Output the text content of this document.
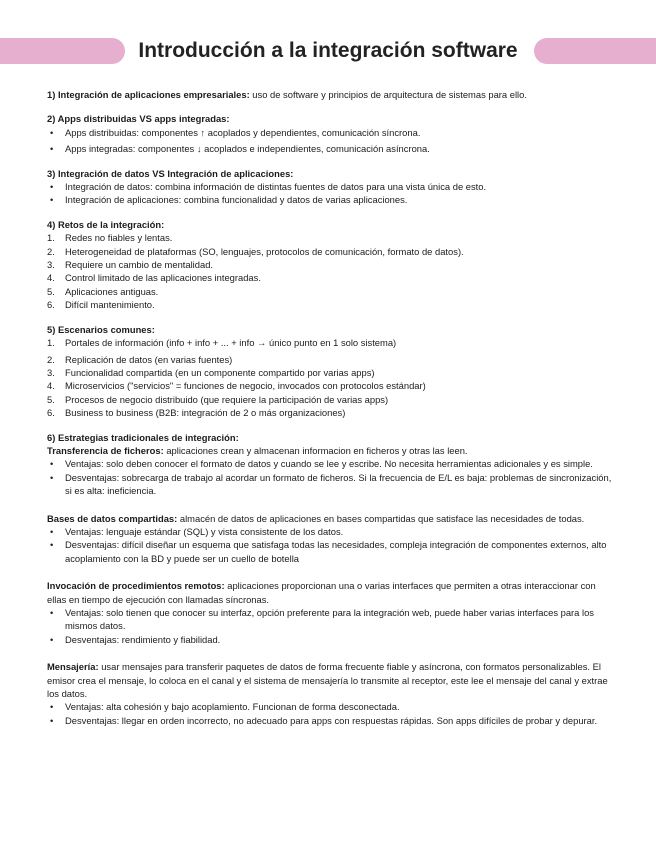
Introducción a la integración software

1) Integración de aplicaciones empresariales: uso de software y principios de arquitectura de sistemas para ello.

2) Apps distribuidas VS apps integradas:

• Apps distribuidas: componentes ↑ acoplados y dependientes, comunicación síncrona.
• Apps integradas: componentes ↓ acoplados e independientes, comunicación asíncrona.

3) Integración de datos VS Integración de aplicaciones:

• Integración de datos: combina información de distintas fuentes de datos para una vista única de esto.
• Integración de aplicaciones: combina funcionalidad y datos de varias aplicaciones.

4) Retos de la integración:

1. Redes no fiables y lentas.
2. Heterogeneidad de plataformas (SO, lenguajes, protocolos de comunicación, formato de datos).
3. Requiere un cambio de mentalidad.
4. Control limitado de las aplicaciones integradas.
5. Aplicaciones antiguas.
6. Difícil mantenimiento.

5) Escenarios comunes:

1. Portales de información (info + info + ... + info → único punto en 1 solo sistema)
2. Replicación de datos (en varias fuentes)
3. Funcionalidad compartida (en un componente compartido por varias apps)
4. Microservicios ("servicios" = funciones de negocio, invocados con protocolos estándar)
5. Procesos de negocio distribuido (que requiere la participación de varias apps)
6. Business to business (B2B: integración de 2 o más organizaciones)

6) Estrategias tradicionales de integración:

Transferencia de ficheros: aplicaciones crean y almacenan informacion en ficheros y otras las leen.

• Ventajas: solo deben conocer el formato de datos y cuando se lee y escribe. No necesita herramientas adicionales y es simple.
• Desventajas: sobrecarga de trabajo al acordar un formato de ficheros. Si la frecuencia de E/L es baja: problemas de sincronización, si es alta: ineficiencia.

Bases de datos compartidas: almacén de datos de aplicaciones en bases compartidas que satisface las necesidades de todas.

• Ventajas: lenguaje estándar (SQL) y vista consistente de los datos.
• Desventajas: difícil diseñar un esquema que satisfaga todas las necesidades, compleja integración de componentes externos, alto acoplamiento con la BD y puede ser un cuello de botella

Invocación de procedimientos remotos: aplicaciones proporcionan una o varias interfaces que permiten a otras interaccionar con ellas en tiempo de ejecución con llamadas síncronas.

• Ventajas: solo tienen que conocer su interfaz, opción preferente para la integración web, puede haber varias interfaces para los mismos datos.
• Desventajas: rendimiento y fiabilidad.

Mensajería: usar mensajes para transferir paquetes de datos de forma frecuente fiable y asíncrona, con formatos personalizables. El emisor crea el mensaje, lo coloca en el canal y el sistema de mensajería lo transmite al receptor, este lee el mensaje del canal y extrae los datos.

• Ventajas: alta cohesión y bajo acoplamiento. Funcionan de forma desconectada.
• Desventajas: llegar en orden incorrecto, no adecuado para apps con respuestas rápidas. Son apps difíciles de probar y depurar.
